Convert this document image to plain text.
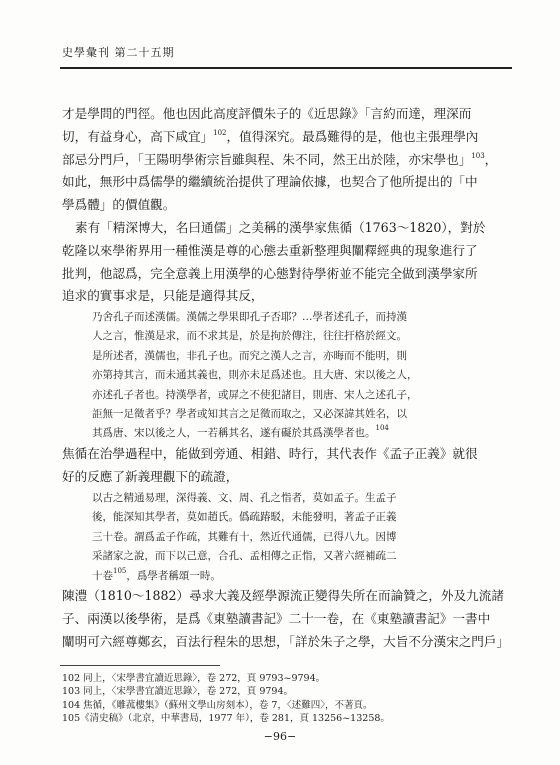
史學彙刊 第二十五期
才是學問的門徑。他也因此高度評價朱子的《近思錄》「言約而達，理深而
切，有益身心，高下咸宜」$^{102}$，值得深究。最爲難得的是，他也主張理學內
部忌分門戶，「王陽明學術宗旨雖與程、朱不同，然王出於陸，亦宋學也」$^{103}$，
如此，無形中爲儒學的繼續統治提供了理論依據，也契合了他所提出的「中
學爲體」的價值觀。
素有「精深博大，名曰通儒」之美稱的漢學家焦循（1763～1820），對於
乾隆以來學術界用一種惟漢是尊的心態去重新整理與闡釋經典的現象進行了
批判，他認爲，完全意義上用漢學的心態對待學術並不能完全做到漢學家所
追求的實事求是，只能是適得其反，
乃舍孔子而述漢儒。漢儒之學果即孔子否耶？…學者述孔子，而持漢
人之言，惟漢是求，而不求其是，於是拘於傳注，往往扞格於經文。
是所述者，漢儒也，非孔子也。而究之漢人之言，亦晦而不能明，則
亦第持其言，而未通其義也，則亦未足爲述也。且大唐、宋以後之人，
亦述孔子者也。持漢學者，或屏之不使犯諸目，則唐、宋人之述孔子，
詎無一足徵者乎？學者或知其言之足徵而取之，又必深諱其姓名，以
其爲唐、宋以後之人，一若稱其名，遂有礙於其爲漢學者也。$^{104}$
焦循在治學過程中，能做到旁通、相錯、時行，其代表作《孟子正義》就很
好的反應了新義理觀下的疏證，
以古之精通易理，深得義、文、周、孔之恉者，莫如孟子。生孟子
後，能深知其學者，莫如趙氏。僞疏踳駁，未能發明，著孟子正義
三十卷。謂爲孟子作疏，其難有十，然近代通儒，已得八九。因博
采諸家之說，而下以己意，合孔、孟相傳之正恉，又著六經補疏二
十卷$^{105}$，爲學者稱頌一時。
陳澧（1810～1882）尋求大義及經學源流正變得失所在而論贊之，外及九流諸
子、兩漢以後學術，是爲《東塾讀書記》二十一卷，在《東塾讀書記》一書中
闡明可六經尊鄭玄，百法行程朱的思想，「詳於朱子之學，大旨不分漢宋之門戶」
102 同上，〈宋學書宜讀近思錄〉，卷 272，頁 9793~9794。
103 同上，〈宋學書宜讀近思錄〉，卷 272，頁 9794。
104 焦循，《雕菰樓集》（蘇州文學山房刻本），卷 7，〈述難四〉，不著頁。
105《清史稿》（北京，中華書局，1977 年），卷 281，頁 13256~13258。
−96−
